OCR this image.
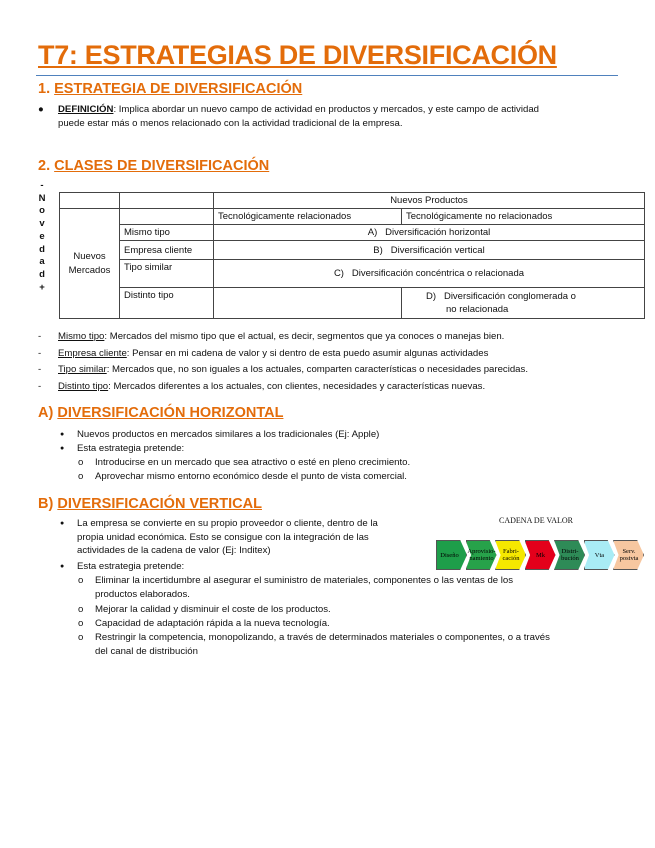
T7: ESTRATEGIAS DE DIVERSIFICACIÓN
1. ESTRATEGIA DE DIVERSIFICACIÓN
● DEFINICIÓN: Implica abordar un nuevo campo de actividad en productos y mercados, y este campo de actividad
puede estar más o menos relacionado con la actividad tradicional de la empresa.
2. CLASES DE DIVERSIFICACIÓN
-
N
o
v
e
d
a
d
+
		Nuevos Productos	
Nuevos
Mercados		Tecnológicamente relacionados	Tecnológicamente no relacionados
	Mismo tipo	A) Diversificación horizontal	
	Empresa cliente	B) Diversificación vertical	
	Tipo similar	C) Diversificación concéntrica o relacionada	
	Distinto tipo		D) Diversificación conglomerada o
no relacionada
- Mismo tipo: Mercados del mismo tipo que el actual, es decir, segmentos que ya conoces o manejas bien.
- Empresa cliente: Pensar en mi cadena de valor y si dentro de esta puedo asumir algunas actividades
- Tipo similar: Mercados que, no son iguales a los actuales, comparten características o necesidades parecidas.
- Distinto tipo: Mercados diferentes a los actuales, con clientes, necesidades y características nuevas.
A) DIVERSIFICACIÓN HORIZONTAL
● Nuevos productos en mercados similares a los tradicionales (Ej: Apple)
● Esta estrategia pretende:
o Introducirse en un mercado que sea atractivo o esté en pleno crecimiento.
o Aprovechar mismo entorno económico desde el punto de vista comercial.
B) DIVERSIFICACIÓN VERTICAL
● La empresa se convierte en su propio proveedor o cliente, dentro de la
propia unidad económica. Esto se consigue con la integración de las
actividades de la cadena de valor (Ej: Inditex)
● Esta estrategia pretende:
o Eliminar la incertidumbre al asegurar el suministro de materiales, componentes o las ventas de los
productos elaborados.
o Mejorar la calidad y disminuir el coste de los productos.
o Capacidad de adaptación rápida a la nueva tecnología.
o Restringir la competencia, monopolizando, a través de determinados materiales o componentes, o a través
del canal de distribución
CADENA DE VALOR
Diseño	Aprovisio-namiento
Fabri-cación	Mk	Distri-bución	Vta	Serv. postvta
